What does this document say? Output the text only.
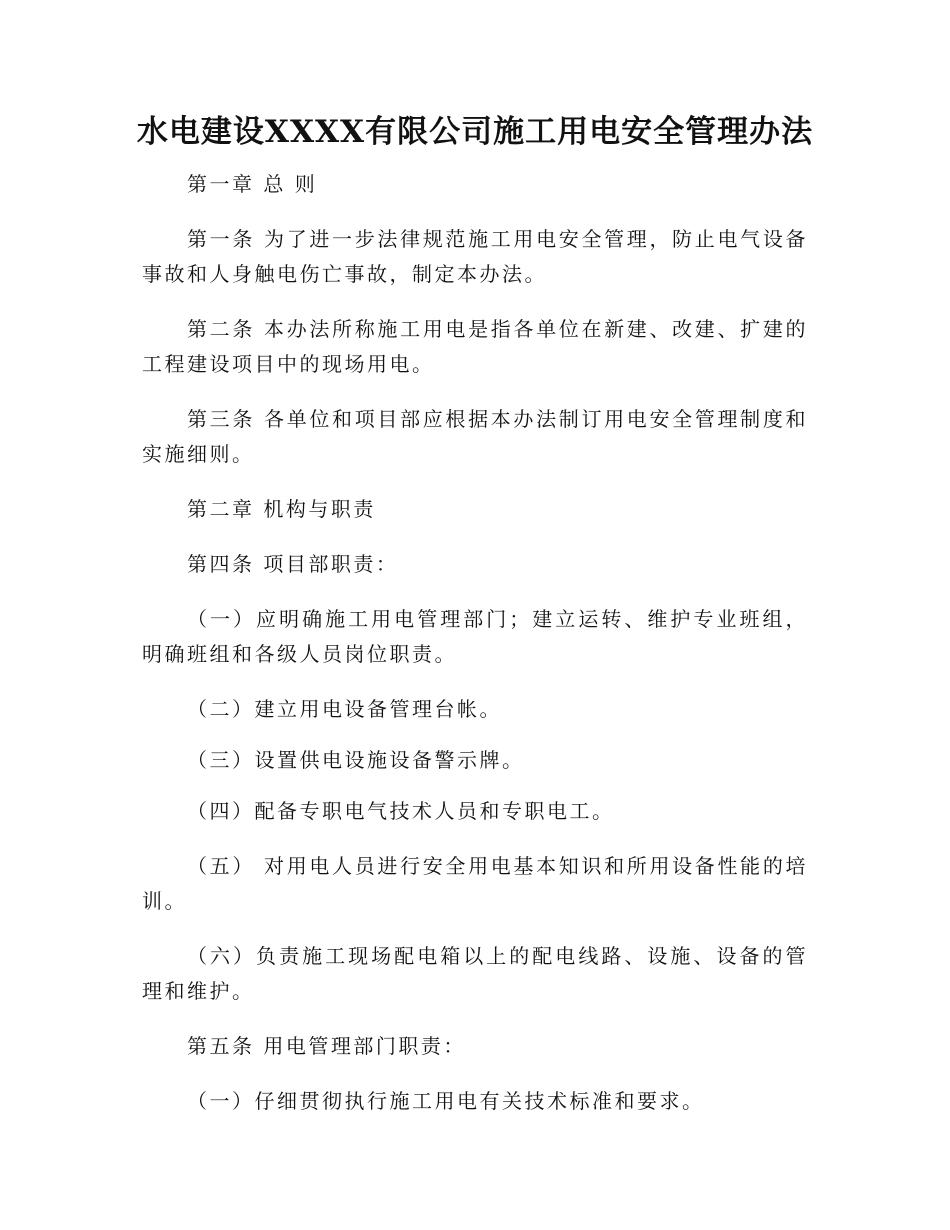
水电建设XXXX有限公司施工用电安全管理办法

第一章 总 则

第一条 为了进一步法律规范施工用电安全管理，防止电气设备事故和人身触电伤亡事故，制定本办法。

第二条 本办法所称施工用电是指各单位在新建、改建、扩建的工程建设项目中的现场用电。

第三条 各单位和项目部应根据本办法制订用电安全管理制度和实施细则。

第二章 机构与职责

第四条 项目部职责：

（一）应明确施工用电管理部门；建立运转、维护专业班组，明确班组和各级人员岗位职责。

（二）建立用电设备管理台帐。

（三）设置供电设施设备警示牌。

（四）配备专职电气技术人员和专职电工。

（五） 对用电人员进行安全用电基本知识和所用设备性能的培训。

（六）负责施工现场配电箱以上的配电线路、设施、设备的管理和维护。

第五条 用电管理部门职责：

（一）仔细贯彻执行施工用电有关技术标准和要求。
